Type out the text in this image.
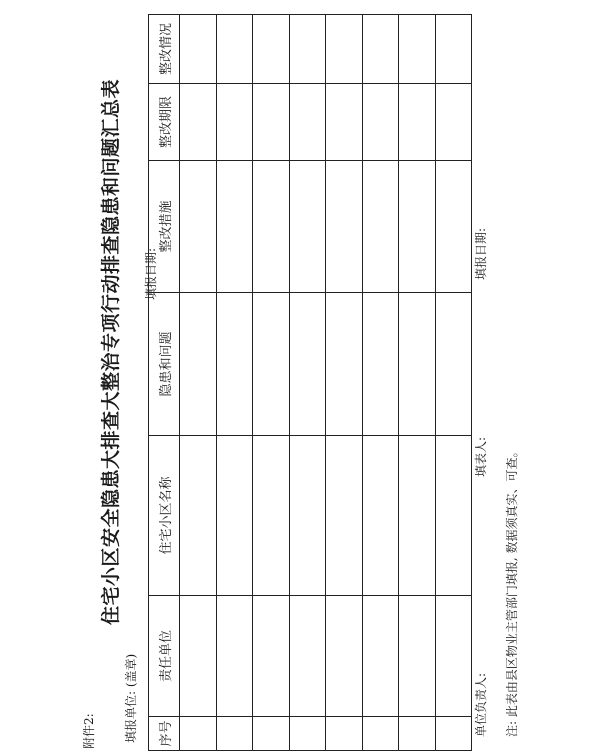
附件2:
住宅小区安全隐患大排查大整治专项行动排查隐患和问题汇总表
填报单位: (盖章)
填报日期:
序号	责任单位	住宅小区名称	隐患和问题	整改措施	整改期限	整改情况

单位负责人:
填表人:
填报日期:
注: 此表由县区物业主管部门填报, 数据须真实、可查。
